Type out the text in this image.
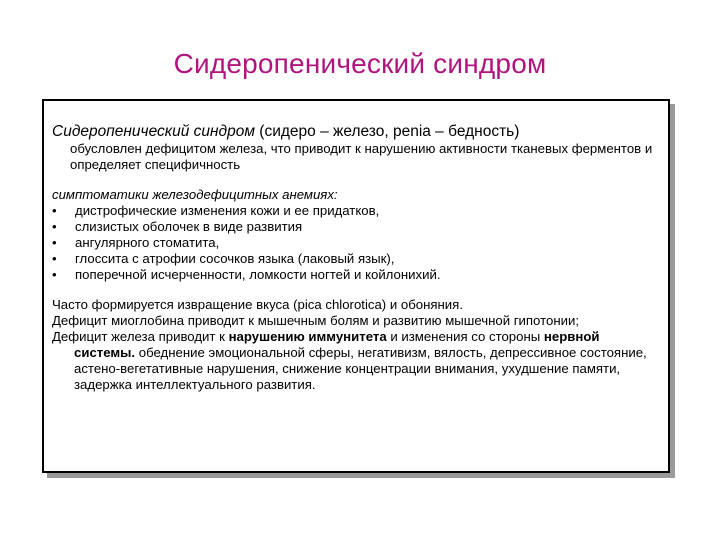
Сидеропенический синдром
Сидеропенический синдром (сидеро – железо, penia – бедность)
обусловлен дефицитом железа, что приводит к нарушению активности тканевых ферментов и определяет специфичность
симптоматики железодефицитных анемиях:
• дистрофические изменения кожи и ее придатков,
• слизистых оболочек в виде развития
• ангулярного стоматита,
• глоссита с атрофии сосочков языка (лаковый язык),
• поперечной исчерченности, ломкости ногтей и койлонихий.
Часто формируется извращение вкуса (pica chlorotica) и обоняния.
Дефицит миоглобина приводит к мышечным болям и развитию мышечной гипотонии;
Дефицит железа приводит к нарушению иммунитета и изменения со стороны нервной системы. обеднение эмоциональной сферы, негативизм, вялость, депрессивное состояние, астено-вегетативные нарушения, снижение концентрации внимания, ухудшение памяти, задержка интеллектуального развития.
